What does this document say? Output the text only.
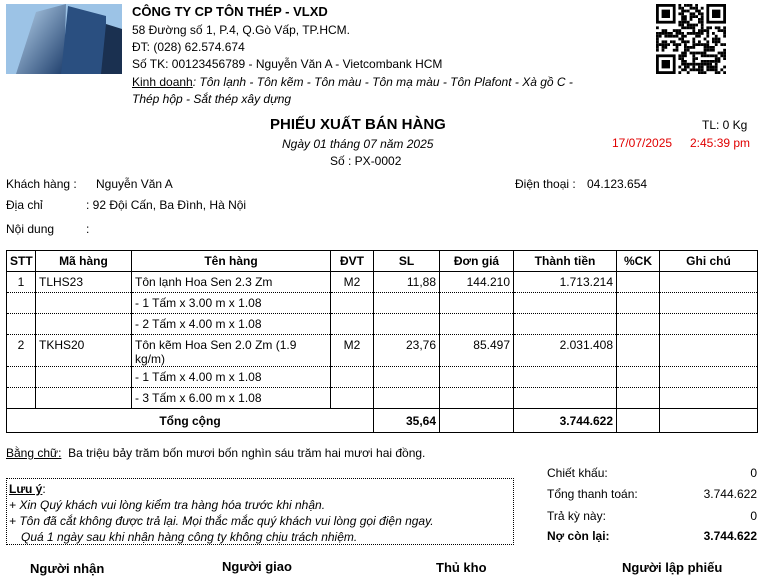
CÔNG TY CP TÔN THÉP - VLXD
58 Đường số 1, P.4, Q.Gò Vấp, TP.HCM.
ĐT: (028) 62.574.674
Số TK: 00123456789 - Nguyễn Văn A - Vietcombank HCM
Kinh doanh: Tôn lạnh - Tôn kẽm - Tôn màu - Tôn mạ màu - Tôn Plafont - Xà gồ C -
Thép hộp - Sắt thép xây dựng
PHIẾU XUẤT BÁN HÀNG
Ngày 01 tháng 07 năm 2025
Số : PX-0002
TL: 0 Kg
17/07/2025 2:45:39 pm
Khách hàng : Nguyễn Văn A
Địa chỉ	: 92 Đội Cấn, Ba Đình, Hà Nội
Nội dung	:
Điện thoại : 04.123.654
STT	Mã hàng	Tên hàng	ĐVT	SL	Đơn giá	Thành tiền	%CK	Ghi chú
1	TLHS23	Tôn lạnh Hoa Sen 2.3 Zm	M2	11,88	144.210	1.713.214		
		- 1 Tấm x 3.00 m x 1.08						
		- 2 Tấm x 4.00 m x 1.08						
2	TKHS20	Tôn kẽm Hoa Sen 2.0 Zm (1.9 kg/m)	M2	23,76	85.497	2.031.408		
		- 1 Tấm x 4.00 m x 1.08						
		- 3 Tấm x 6.00 m x 1.08						
Tổng cộng				35,64		3.744.622		
Bằng chữ: Ba triệu bảy trăm bốn mươi bốn nghìn sáu trăm hai mươi hai đồng.
Lưu ý:
+ Xin Quý khách vui lòng kiểm tra hàng hóa trước khi nhận.
+ Tôn đã cắt không được trả lại. Mọi thắc mắc quý khách vui lòng gọi điện ngay.
Quá 1 ngày sau khi nhận hàng công ty không chịu trách nhiệm.
Chiết khấu:	0
Tổng thanh toán:	3.744.622
Trả kỳ này:	0
Nợ còn lại:	3.744.622
Người nhận	Người giao	Thủ kho	Người lập phiếu
